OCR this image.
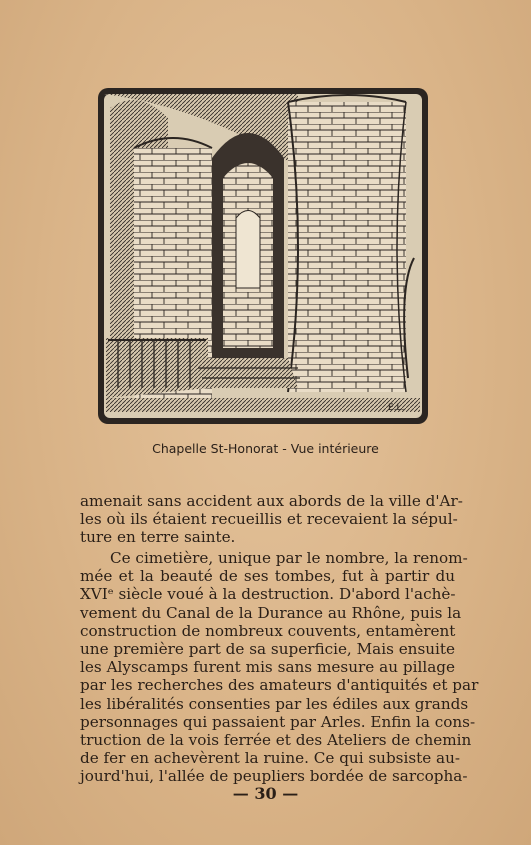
E.L.
Chapelle St-Honorat - Vue intérieure
amenait sans accident aux abords de la ville d'Ar-
les où ils étaient recueillis et recevaient la sépul-
ture en terre sainte.
Ce cimetière, unique par le nombre, la renom-
mée et la beauté de ses tombes, fut à partir du
XVIᵉ siècle voué à la destruction. D'abord l'achè-
vement du Canal de la Durance au Rhône, puis la
construction de nombreux couvents, entamèrent
une première part de sa superficie, Mais ensuite
les Alyscamps furent mis sans mesure au pillage
par les recherches des amateurs d'antiquités et par
les libéralités consenties par les édiles aux grands
personnages qui passaient par Arles. Enfin la cons-
truction de la vois ferrée et des Ateliers de chemin
de fer en achevèrent la ruine. Ce qui subsiste au-
jourd'hui, l'allée de peupliers bordée de sarcopha-
— 30 —
